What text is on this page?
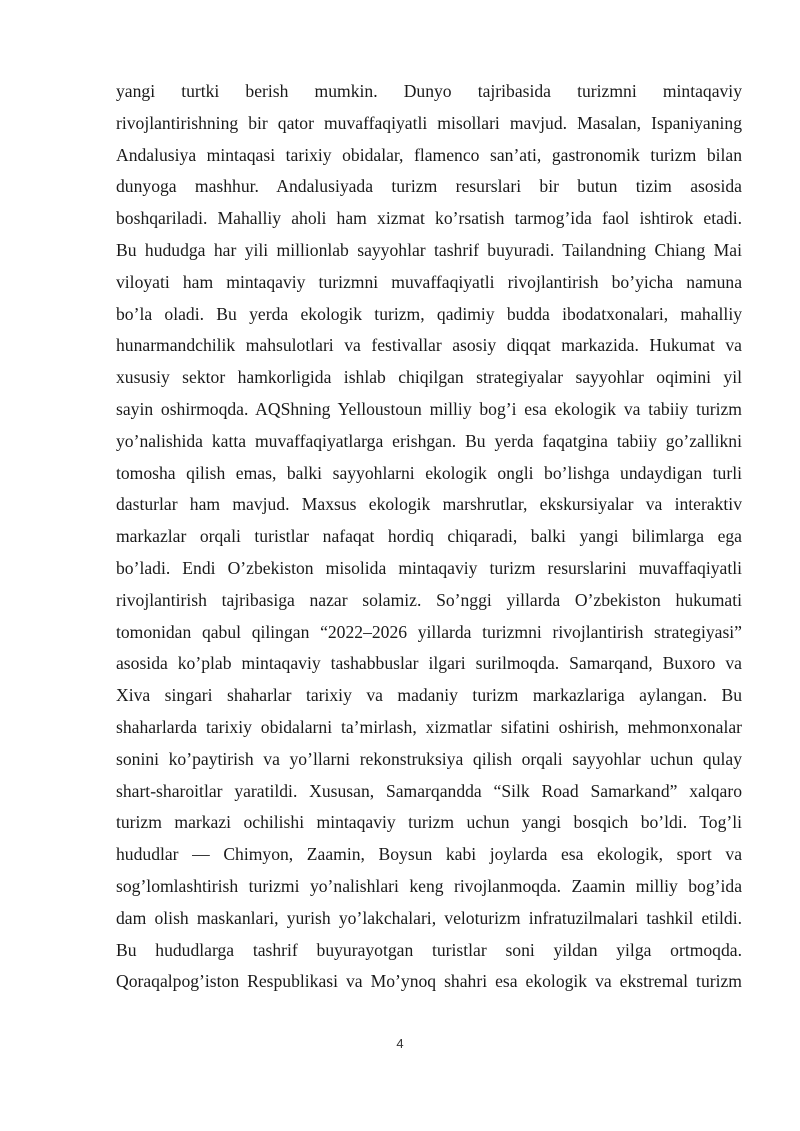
yangi turtki berish mumkin. Dunyo tajribasida turizmni mintaqaviy
rivojlantirishning bir qator muvaffaqiyatli misollari mavjud. Masalan, Ispaniyaning
Andalusiya mintaqasi tarixiy obidalar, flamenco san’ati, gastronomik turizm bilan
dunyoga mashhur. Andalusiyada turizm resurslari bir butun tizim asosida
boshqariladi. Mahalliy aholi ham xizmat ko’rsatish tarmog’ida faol ishtirok etadi.
Bu hududga har yili millionlab sayyohlar tashrif buyuradi. Tailandning Chiang Mai
viloyati ham mintaqaviy turizmni muvaffaqiyatli rivojlantirish bo’yicha namuna
bo’la oladi. Bu yerda ekologik turizm, qadimiy budda ibodatxonalari, mahalliy
hunarmandchilik mahsulotlari va festivallar asosiy diqqat markazida. Hukumat va
xususiy sektor hamkorligida ishlab chiqilgan strategiyalar sayyohlar oqimini yil
sayin oshirmoqda. AQShning Yelloustoun milliy bog’i esa ekologik va tabiiy turizm
yo’nalishida katta muvaffaqiyatlarga erishgan. Bu yerda faqatgina tabiiy go’zallikni
tomosha qilish emas, balki sayyohlarni ekologik ongli bo’lishga undaydigan turli
dasturlar ham mavjud. Maxsus ekologik marshrutlar, ekskursiyalar va interaktiv
markazlar orqali turistlar nafaqat hordiq chiqaradi, balki yangi bilimlarga ega
bo’ladi. Endi O’zbekiston misolida mintaqaviy turizm resurslarini muvaffaqiyatli
rivojlantirish tajribasiga nazar solamiz. So’nggi yillarda O’zbekiston hukumati
tomonidan qabul qilingan “2022–2026 yillarda turizmni rivojlantirish strategiyasi”
asosida ko’plab mintaqaviy tashabbuslar ilgari surilmoqda. Samarqand, Buxoro va
Xiva singari shaharlar tarixiy va madaniy turizm markazlariga aylangan. Bu
shaharlarda tarixiy obidalarni ta’mirlash, xizmatlar sifatini oshirish, mehmonxonalar
sonini ko’paytirish va yo’llarni rekonstruksiya qilish orqali sayyohlar uchun qulay
shart-sharoitlar yaratildi. Xususan, Samarqandda “Silk Road Samarkand” xalqaro
turizm markazi ochilishi mintaqaviy turizm uchun yangi bosqich bo’ldi. Tog’li
hududlar — Chimyon, Zaamin, Boysun kabi joylarda esa ekologik, sport va
sog’lomlashtirish turizmi yo’nalishlari keng rivojlanmoqda. Zaamin milliy bog’ida
dam olish maskanlari, yurish yo’lakchalari, veloturizm infratuzilmalari tashkil etildi.
Bu hududlarga tashrif buyurayotgan turistlar soni yildan yilga ortmoqda.
Qoraqalpog’iston Respublikasi va Mo’ynoq shahri esa ekologik va ekstremal turizm
4
